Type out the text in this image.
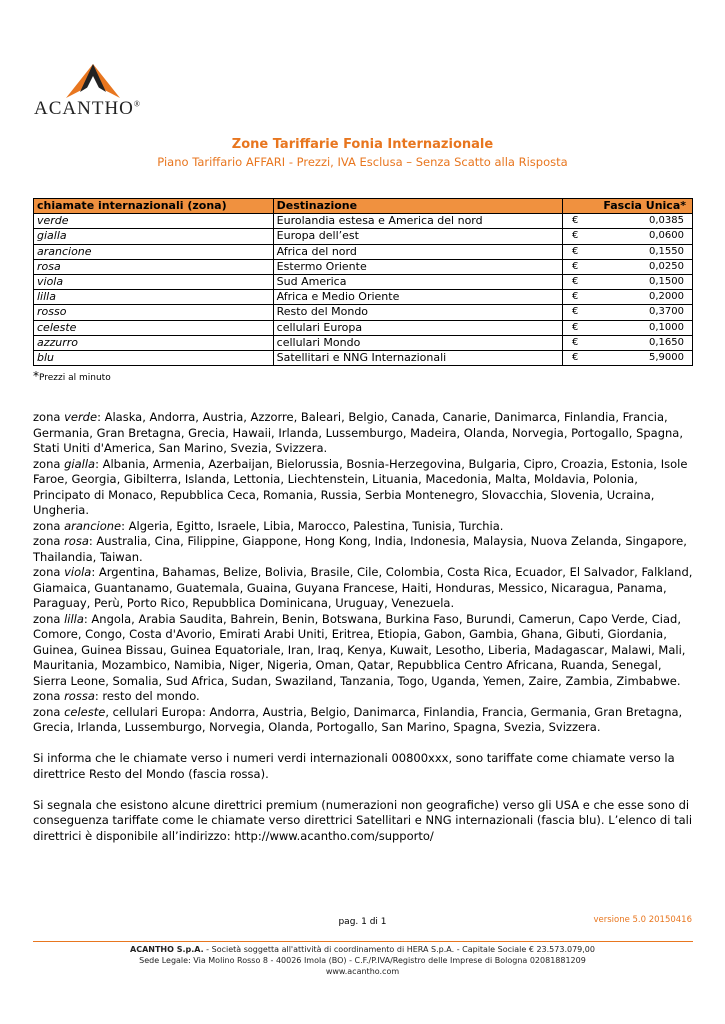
ACANTHO®
Zone Tariffarie Fonia Internazionale
Piano Tariffario AFFARI - Prezzi, IVA Esclusa – Senza Scatto alla Risposta
chiamate internazionali (zona)	Destinazione	Fascia Unica*
verde	Eurolandia estesa e America del nord	€ 0,0385
gialla	Europa dell’est	€ 0,0600
arancione	Africa del nord	€ 0,1550
rosa	Estermo Oriente	€ 0,0250
viola	Sud America	€ 0,1500
lilla	Africa e Medio Oriente	€ 0,2000
rosso	Resto del Mondo	€ 0,3700
celeste	cellulari Europa	€ 0,1000
azzurro	cellulari Mondo	€ 0,1650
blu	Satellitari e NNG Internazionali	€ 5,9000
*Prezzi al minuto

zona verde: Alaska, Andorra, Austria, Azzorre, Baleari, Belgio, Canada, Canarie, Danimarca, Finlandia, Francia, Germania, Gran Bretagna, Grecia, Hawaii, Irlanda, Lussemburgo, Madeira, Olanda, Norvegia, Portogallo, Spagna, Stati Uniti d'America, San Marino, Svezia, Svizzera.

zona gialla: Albania, Armenia, Azerbaijan, Bielorussia, Bosnia-Herzegovina, Bulgaria, Cipro, Croazia, Estonia, Isole Faroe, Georgia, Gibilterra, Islanda, Lettonia, Liechtenstein, Lituania, Macedonia, Malta, Moldavia, Polonia, Principato di Monaco, Repubblica Ceca, Romania, Russia, Serbia Montenegro, Slovacchia, Slovenia, Ucraina, Ungheria.

zona arancione: Algeria, Egitto, Israele, Libia, Marocco, Palestina, Tunisia, Turchia.

zona rosa: Australia, Cina, Filippine, Giappone, Hong Kong, India, Indonesia, Malaysia, Nuova Zelanda, Singapore, Thailandia, Taiwan.

zona viola: Argentina, Bahamas, Belize, Bolivia, Brasile, Cile, Colombia, Costa Rica, Ecuador, El Salvador, Falkland, Giamaica, Guantanamo, Guatemala, Guaina, Guyana Francese, Haiti, Honduras, Messico, Nicaragua, Panama, Paraguay, Perù, Porto Rico, Repubblica Dominicana, Uruguay, Venezuela.

zona lilla: Angola, Arabia Saudita, Bahrein, Benin, Botswana, Burkina Faso, Burundi, Camerun, Capo Verde, Ciad, Comore, Congo, Costa d'Avorio, Emirati Arabi Uniti, Eritrea, Etiopia, Gabon, Gambia, Ghana, Gibuti, Giordania, Guinea, Guinea Bissau, Guinea Equatoriale, Iran, Iraq, Kenya, Kuwait, Lesotho, Liberia, Madagascar, Malawi, Mali, Mauritania, Mozambico, Namibia, Niger, Nigeria, Oman, Qatar, Repubblica Centro Africana, Ruanda, Senegal, Sierra Leone, Somalia, Sud Africa, Sudan, Swaziland, Tanzania, Togo, Uganda, Yemen, Zaire, Zambia, Zimbabwe.

zona rossa: resto del mondo.

zona celeste, cellulari Europa: Andorra, Austria, Belgio, Danimarca, Finlandia, Francia, Germania, Gran Bretagna, Grecia, Irlanda, Lussemburgo, Norvegia, Olanda, Portogallo, San Marino, Spagna, Svezia, Svizzera.

Si informa che le chiamate verso i numeri verdi internazionali 00800xxx, sono tariffate come chiamate verso la direttrice Resto del Mondo (fascia rossa).

Si segnala che esistono alcune direttrici premium (numerazioni non geografiche) verso gli USA e che esse sono di conseguenza tariffate come le chiamate verso direttrici Satellitari e NNG internazionali (fascia blu). L’elenco di tali direttrici è disponibile all’indirizzo: http://www.acantho.com/supporto/

pag. 1 di 1	versione 5.0 20150416
ACANTHO S.p.A. - Società soggetta all'attività di coordinamento di HERA S.p.A. - Capitale Sociale € 23.573.079,00
Sede Legale: Via Molino Rosso 8 - 40026 Imola (BO) - C.F./P.IVA/Registro delle Imprese di Bologna 02081881209
www.acantho.com
